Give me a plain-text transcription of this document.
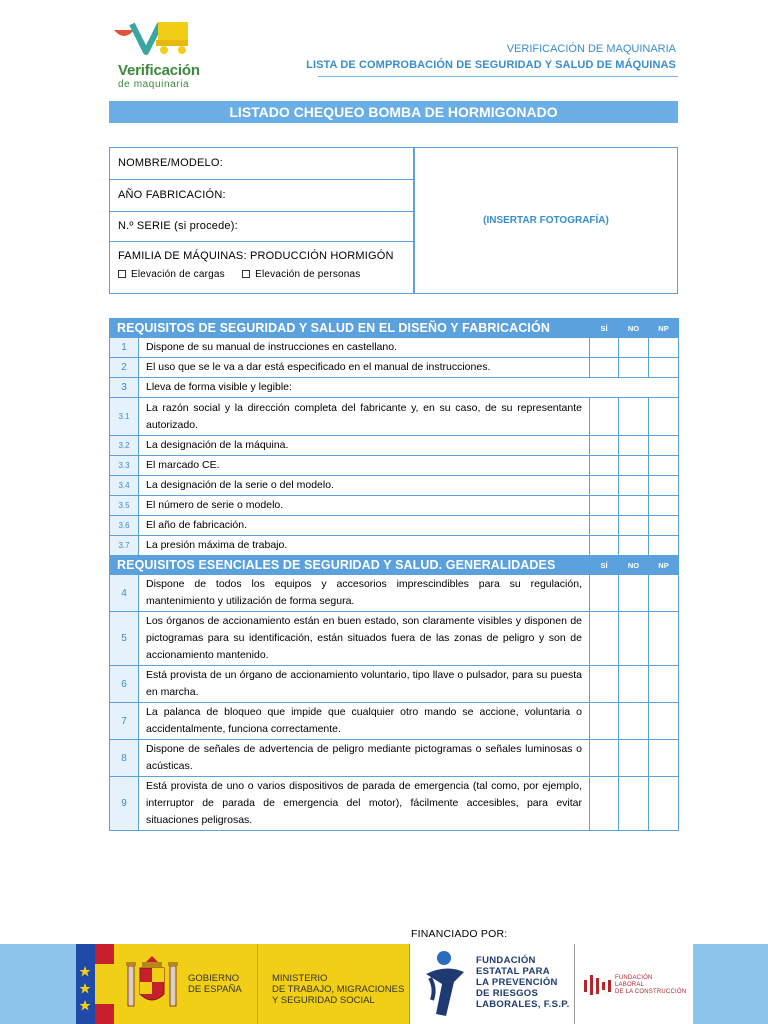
Verificación
de maquinaria
VERIFICACIÓN DE MAQUINARIA
LISTA DE COMPROBACIÓN DE SEGURIDAD Y SALUD DE MÁQUINAS
LISTADO CHEQUEO BOMBA DE HORMIGONADO
NOMBRE/MODELO:
AÑO FABRICACIÓN:
N.º SERIE (si procede):
FAMILIA DE MÁQUINAS: PRODUCCIÓN HORMIGÓN
Elevación de cargas	Elevación de personas
(INSERTAR FOTOGRAFÍA)
REQUISITOS DE SEGURIDAD Y SALUD EN EL DISEÑO Y FABRICACIÓN		SÍ	NO	NP
1	Dispone de su manual de instrucciones en castellano.			
2	El uso que se le va a dar está especificado en el manual de instrucciones.			
3	Lleva de forma visible y legible:			
3.1	La razón social y la dirección completa del fabricante y, en su caso, de su representante autorizado.			
3.2	La designación de la máquina.			
3.3	El marcado CE.			
3.4	La designación de la serie o del modelo.			
3.5	El número de serie o modelo.			
3.6	El año de fabricación.			
3.7	La presión máxima de trabajo.			
REQUISITOS ESENCIALES DE SEGURIDAD Y SALUD. GENERALIDADES		SÍ	NO	NP
4	Dispone de todos los equipos y accesorios imprescindibles para su regulación, mantenimiento y utilización de forma segura.			
5	Los órganos de accionamiento están en buen estado, son claramente visibles y disponen de pictogramas para su identificación, están situados fuera de las zonas de peligro y son de accionamiento mantenido.			
6	Está provista de un órgano de accionamiento voluntario, tipo llave o pulsador, para su puesta en marcha.			
7	La palanca de bloqueo que impide que cualquier otro mando se accione, voluntaria o accidentalmente, funciona correctamente.			
8	Dispone de señales de advertencia de peligro mediante pictogramas o señales luminosas o acústicas.			
9	Está provista de uno o varios dispositivos de parada de emergencia (tal como, por ejemplo, interruptor de parada de emergencia del motor), fácilmente accesibles, para evitar situaciones peligrosas.			
FINANCIADO POR:
GOBIERNO
DE ESPAÑA
MINISTERIO
DE TRABAJO, MIGRACIONES
Y SEGURIDAD SOCIAL
FUNDACIÓN
ESTATAL PARA
LA PREVENCIÓN
DE RIESGOS
LABORALES, F.S.P.
FUNDACIÓN
LABORAL
DE LA CONSTRUCCIÓN
